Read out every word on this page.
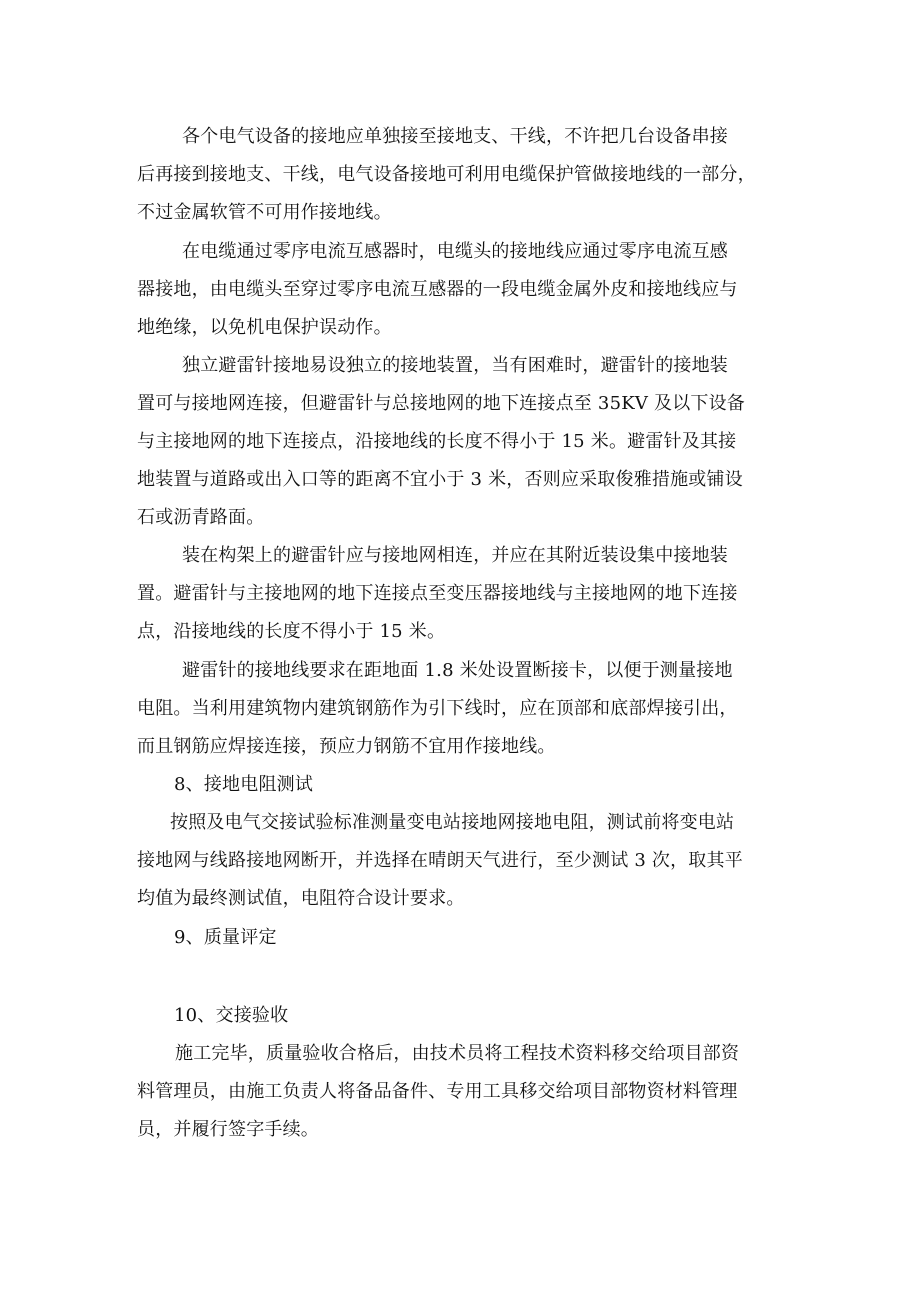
各个电气设备的接地应单独接至接地支、干线，不许把几台设备串接
后再接到接地支、干线，电气设备接地可利用电缆保护管做接地线的一部分，
不过金属软管不可用作接地线。
在电缆通过零序电流互感器时，电缆头的接地线应通过零序电流互感
器接地，由电缆头至穿过零序电流互感器的一段电缆金属外皮和接地线应与
地绝缘，以免机电保护误动作。
独立避雷针接地易设独立的接地装置，当有困难时，避雷针的接地装
置可与接地网连接，但避雷针与总接地网的地下连接点至 35KV 及以下设备
与主接地网的地下连接点，沿接地线的长度不得小于 15 米。避雷针及其接
地装置与道路或出入口等的距离不宜小于 3 米，否则应采取俊雅措施或铺设
石或沥青路面。
装在构架上的避雷针应与接地网相连，并应在其附近装设集中接地装
置。避雷针与主接地网的地下连接点至变压器接地线与主接地网的地下连接
点，沿接地线的长度不得小于 15 米。
避雷针的接地线要求在距地面 1.8 米处设置断接卡，以便于测量接地
电阻。当利用建筑物内建筑钢筋作为引下线时，应在顶部和底部焊接引出，
而且钢筋应焊接连接，预应力钢筋不宜用作接地线。
8、接地电阻测试
按照及电气交接试验标准测量变电站接地网接地电阻，测试前将变电站
接地网与线路接地网断开，并选择在晴朗天气进行，至少测试 3 次，取其平
均值为最终测试值，电阻符合设计要求。
9、质量评定
10、交接验收
施工完毕，质量验收合格后，由技术员将工程技术资料移交给项目部资
料管理员，由施工负责人将备品备件、专用工具移交给项目部物资材料管理
员，并履行签字手续。
